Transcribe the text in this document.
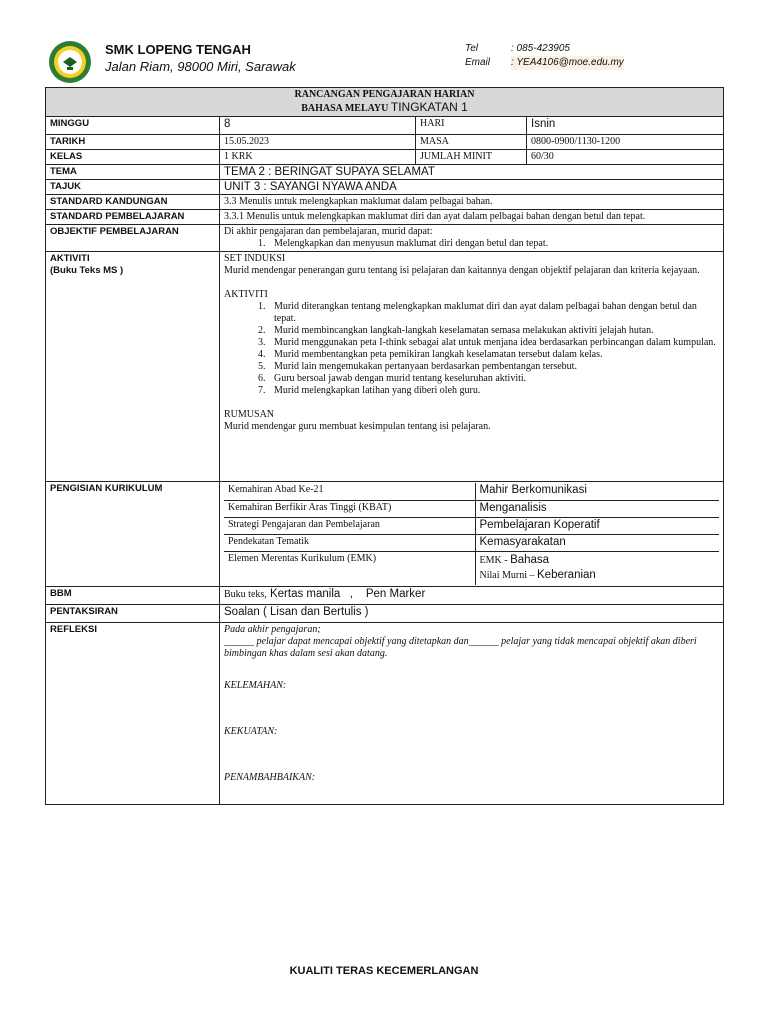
SMK LOPENG TENGAH
Jalan Riam, 98000 Miri, Sarawak
Tel	: 085-423905
Email	: YEA4106@moe.edu.my
RANCANGAN PENGAJARAN HARIAN
BAHASA MELAYU TINGKATAN 1

MINGGU	8	HARI	Isnin
TARIKH	15.05.2023	MASA	0800-0900/1130-1200
KELAS	1 KRK	JUMLAH MINIT	60/30
TEMA	TEMA 2 : BERINGAT SUPAYA SELAMAT
TAJUK	UNIT 3 : SAYANGI NYAWA ANDA
STANDARD KANDUNGAN	3.3 Menulis untuk melengkapkan maklumat dalam pelbagai bahan.
STANDARD PEMBELAJARAN	3.3.1 Menulis untuk melengkapkan maklumat diri dan ayat dalam pelbagai bahan dengan betul dan tepat.
OBJEKTIF PEMBELAJARAN	Di akhir pengajaran dan pembelajaran, murid dapat:
1. Melengkapkan dan menyusun maklumat diri dengan betul dan tepat.

AKTIVITI
(Buku Teks MS )

SET INDUKSI
Murid mendengar penerangan guru tentang isi pelajaran dan kaitannya dengan objektif pelajaran dan kriteria kejayaan.
AKTIVITI
1. Murid diterangkan tentang melengkapkan maklumat diri dan ayat dalam pelbagai bahan dengan betul dan tepat.
2. Murid membincangkan langkah-langkah keselamatan semasa melakukan aktiviti jelajah hutan.
3. Murid menggunakan peta I-think sebagai alat untuk menjana idea berdasarkan perbincangan dalam kumpulan.
4. Murid membentangkan peta pemikiran langkah keselamatan tersebut dalam kelas.
5. Murid lain mengemukakan pertanyaan berdasarkan pembentangan tersebut.
6. Guru bersoal jawab dengan murid tentang keseluruhan aktiviti.
7. Murid melengkapkan latihan yang diberi oleh guru.
RUMUSAN
Murid mendengar guru membuat kesimpulan tentang isi pelajaran.

PENGISIAN KURIKULUM		Kemahiran Abad Ke-21	Mahir Berkomunikasi
Kemahiran Berfikir Aras Tinggi (KBAT)	Menganalisis
Strategi Pengajaran dan Pembelajaran	Pembelajaran Koperatif
Pendekatan Tematik	Kemasyarakatan
Elemen Merentas Kurikulum (EMK)	EMK - Bahasa
Nilai Murni – Keberanian

BBM	Buku teks, Kertas manila   ,    Pen Marker
PENTAKSIRAN	Soalan ( Lisan dan Bertulis )
REFLEKSI	Pada akhir pengajaran;
______ pelajar dapat mencapai objektif yang ditetapkan dan______ pelajar yang tidak mencapai objektif akan diberi bimbingan khas dalam sesi akan datang.
KELEMAHAN:
KEKUATAN:
PENAMBAHBAIKAN:
KUALITI TERAS KECEMERLANGAN
